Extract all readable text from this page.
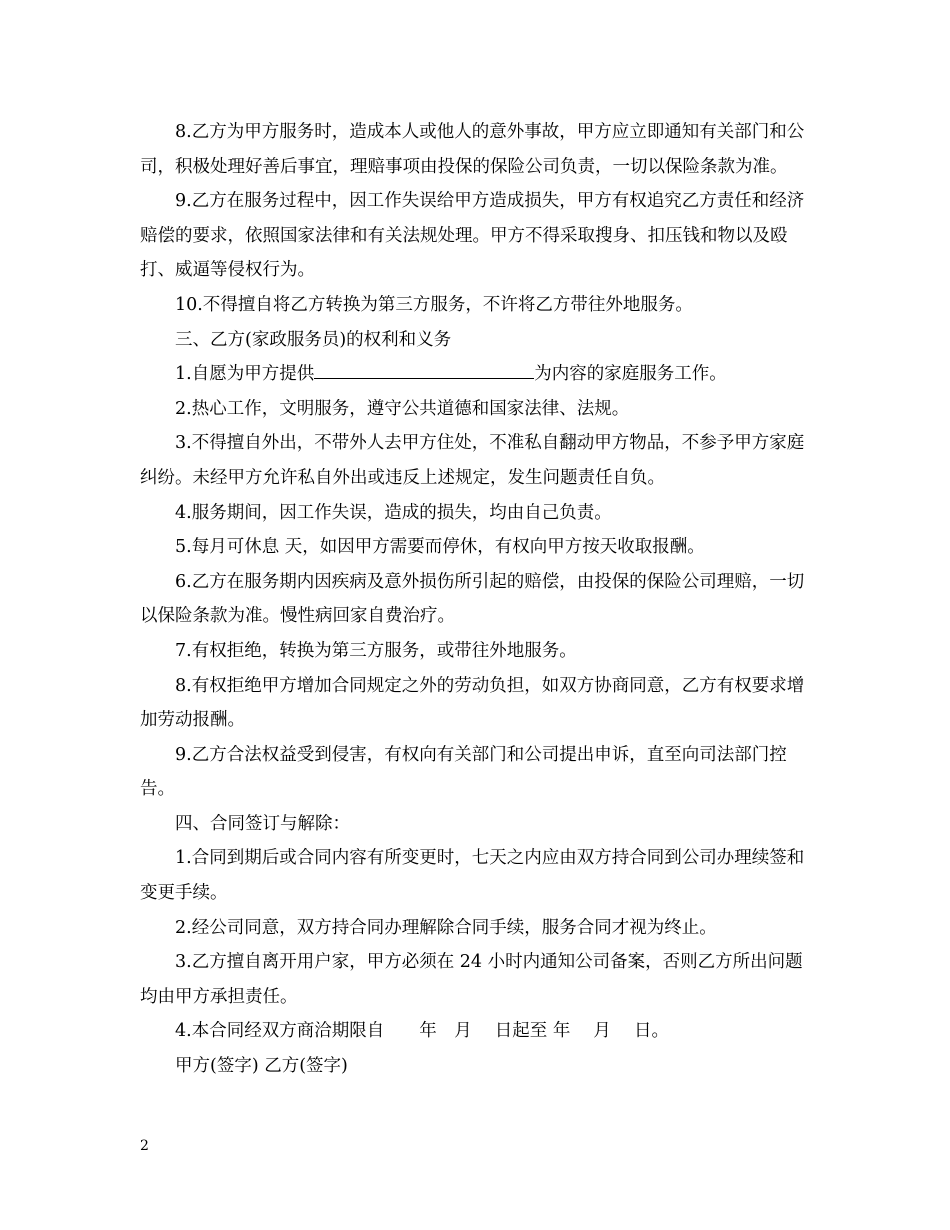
8.乙方为甲方服务时，造成本人或他人的意外事故，甲方应立即通知有关部门和公司，积极处理好善后事宜，理赔事项由投保的保险公司负责，一切以保险条款为准。

9.乙方在服务过程中，因工作失误给甲方造成损失，甲方有权追究乙方责任和经济赔偿的要求，依照国家法律和有关法规处理。甲方不得采取搜身、扣压钱和物以及殴打、威逼等侵权行为。

10.不得擅自将乙方转换为第三方服务，不许将乙方带往外地服务。

三、乙方(家政服务员)的权利和义务

1.自愿为甲方提供	为内容的家庭服务工作。

2.热心工作，文明服务，遵守公共道德和国家法律、法规。

3.不得擅自外出，不带外人去甲方住处，不准私自翻动甲方物品，不参予甲方家庭纠纷。未经甲方允许私自外出或违反上述规定，发生问题责任自负。

4.服务期间，因工作失误，造成的损失，均由自己负责。

5.每月可休息 天，如因甲方需要而停休，有权向甲方按天收取报酬。

6.乙方在服务期内因疾病及意外损伤所引起的赔偿，由投保的保险公司理赔，一切以保险条款为准。慢性病回家自费治疗。

7.有权拒绝，转换为第三方服务，或带往外地服务。

8.有权拒绝甲方增加合同规定之外的劳动负担，如双方协商同意，乙方有权要求增加劳动报酬。

9.乙方合法权益受到侵害，有权向有关部门和公司提出申诉，直至向司法部门控告。

四、合同签订与解除：

1.合同到期后或合同内容有所变更时，七天之内应由双方持合同到公司办理续签和变更手续。

2.经公司同意，双方持合同办理解除合同手续，服务合同才视为终止。

3.乙方擅自离开用户家，甲方必须在 24 小时内通知公司备案，否则乙方所出问题均由甲方承担责任。

4.本合同经双方商洽期限自　　年　月　 日起至 年　 月　 日。

甲方(签字) 乙方(签字)

2
